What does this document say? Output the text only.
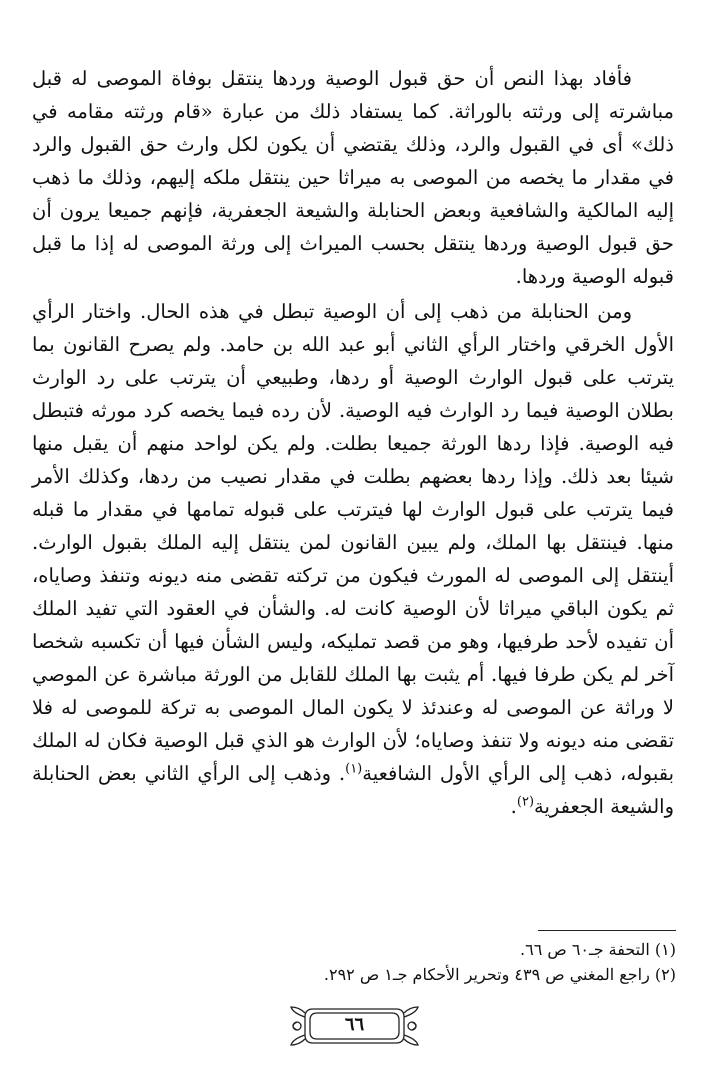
فأفاد بهذا النص أن حق قبول الوصية وردها ينتقل بوفاة الموصى له قبل مباشرته إلى ورثته بالوراثة. كما يستفاد ذلك من عبارة «قام ورثته مقامه في ذلك» أى في القبول والرد، وذلك يقتضي أن يكون لكل وارث حق القبول والرد في مقدار ما يخصه من الموصى به ميراثا حين ينتقل ملكه إليهم، وذلك ما ذهب إليه المالكية والشافعية وبعض الحنابلة والشيعة الجعفرية، فإنهم جميعا يرون أن حق قبول الوصية وردها ينتقل بحسب الميراث إلى ورثة الموصى له إذا ما قبل قبوله الوصية وردها.

ومن الحنابلة من ذهب إلى أن الوصية تبطل في هذه الحال. واختار الرأي الأول الخرقي واختار الرأي الثاني أبو عبد الله بن حامد. ولم يصرح القانون بما يترتب على قبول الوارث الوصية أو ردها، وطبيعي أن يترتب على رد الوارث بطلان الوصية فيما رد الوارث فيه الوصية. لأن رده فيما يخصه كرد مورثه فتبطل فيه الوصية. فإذا ردها الورثة جميعا بطلت. ولم يكن لواحد منهم أن يقبل منها شيئا بعد ذلك. وإذا ردها بعضهم بطلت في مقدار نصيب من ردها، وكذلك الأمر فيما يترتب على قبول الوارث لها فيترتب على قبوله تمامها في مقدار ما قبله منها. فينتقل بها الملك، ولم يبين القانون لمن ينتقل إليه الملك بقبول الوارث. أينتقل إلى الموصى له المورث فيكون من تركته تقضى منه ديونه وتنفذ وصاياه، ثم يكون الباقي ميراثا لأن الوصية كانت له. والشأن في العقود التي تفيد الملك أن تفيده لأحد طرفيها، وهو من قصد تمليكه، وليس الشأن فيها أن تكسبه شخصا آخر لم يكن طرفا فيها. أم يثبت بها الملك للقابل من الورثة مباشرة عن الموصي لا وراثة عن الموصى له وعندئذ لا يكون المال الموصى به تركة للموصى له فلا تقضى منه ديونه ولا تنفذ وصاياه؛ لأن الوارث هو الذي قبل الوصية فكان له الملك بقبوله، ذهب إلى الرأي الأول الشافعية$^{(١)}$. وذهب إلى الرأي الثاني بعض الحنابلة والشيعة الجعفرية$^{(٢)}$.

(١) التحفة جـ٦٠ ص ٦٦.

(٢) راجع المغني ص ٤٣٩ وتحرير الأحكام جـ١ ص ٢٩٢.

٦٦
